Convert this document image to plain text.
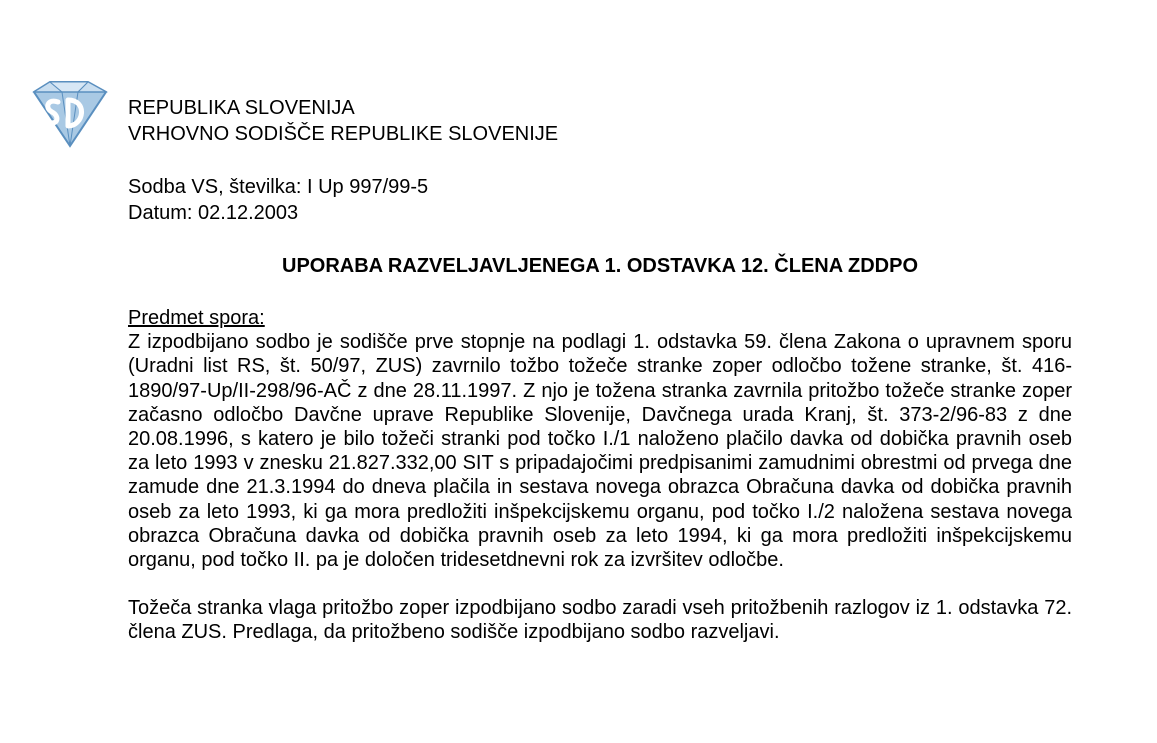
REPUBLIKA SLOVENIJA
VRHOVNO SODIŠČE REPUBLIKE SLOVENIJE
Sodba VS, številka: I Up 997/99-5
Datum: 02.12.2003
UPORABA RAZVELJAVLJENEGA 1. ODSTAVKA 12. ČLENA ZDDPO
Predmet spora:

Z izpodbijano sodbo je sodišče prve stopnje na podlagi 1. odstavka 59. člena Zakona o upravnem sporu (Uradni list RS, št. 50/97, ZUS) zavrnilo tožbo tožeče stranke zoper odločbo tožene stranke, št. 416-1890/97-Up/II-298/96-AČ z dne 28.11.1997. Z njo je tožena stranka zavrnila pritožbo tožeče stranke zoper začasno odločbo Davčne uprave Republike Slovenije, Davčnega urada Kranj, št. 373-2/96-83 z dne 20.08.1996, s katero je bilo tožeči stranki pod točko I./1 naloženo plačilo davka od dobička pravnih oseb za leto 1993 v znesku 21.827.332,00 SIT s pripadajočimi predpisanimi zamudnimi obrestmi od prvega dne zamude dne 21.3.1994 do dneva plačila in sestava novega obrazca Obračuna davka od dobička pravnih oseb za leto 1993, ki ga mora predložiti inšpekcijskemu organu, pod točko I./2 naložena sestava novega obrazca Obračuna davka od dobička pravnih oseb za leto 1994, ki ga mora predložiti inšpekcijskemu organu, pod točko II. pa je določen tridesetdnevni rok za izvršitev odločbe.

Tožeča stranka vlaga pritožbo zoper izpodbijano sodbo zaradi vseh pritožbenih razlogov iz 1. odstavka 72. člena ZUS. Predlaga, da pritožbeno sodišče izpodbijano sodbo razveljavi.
